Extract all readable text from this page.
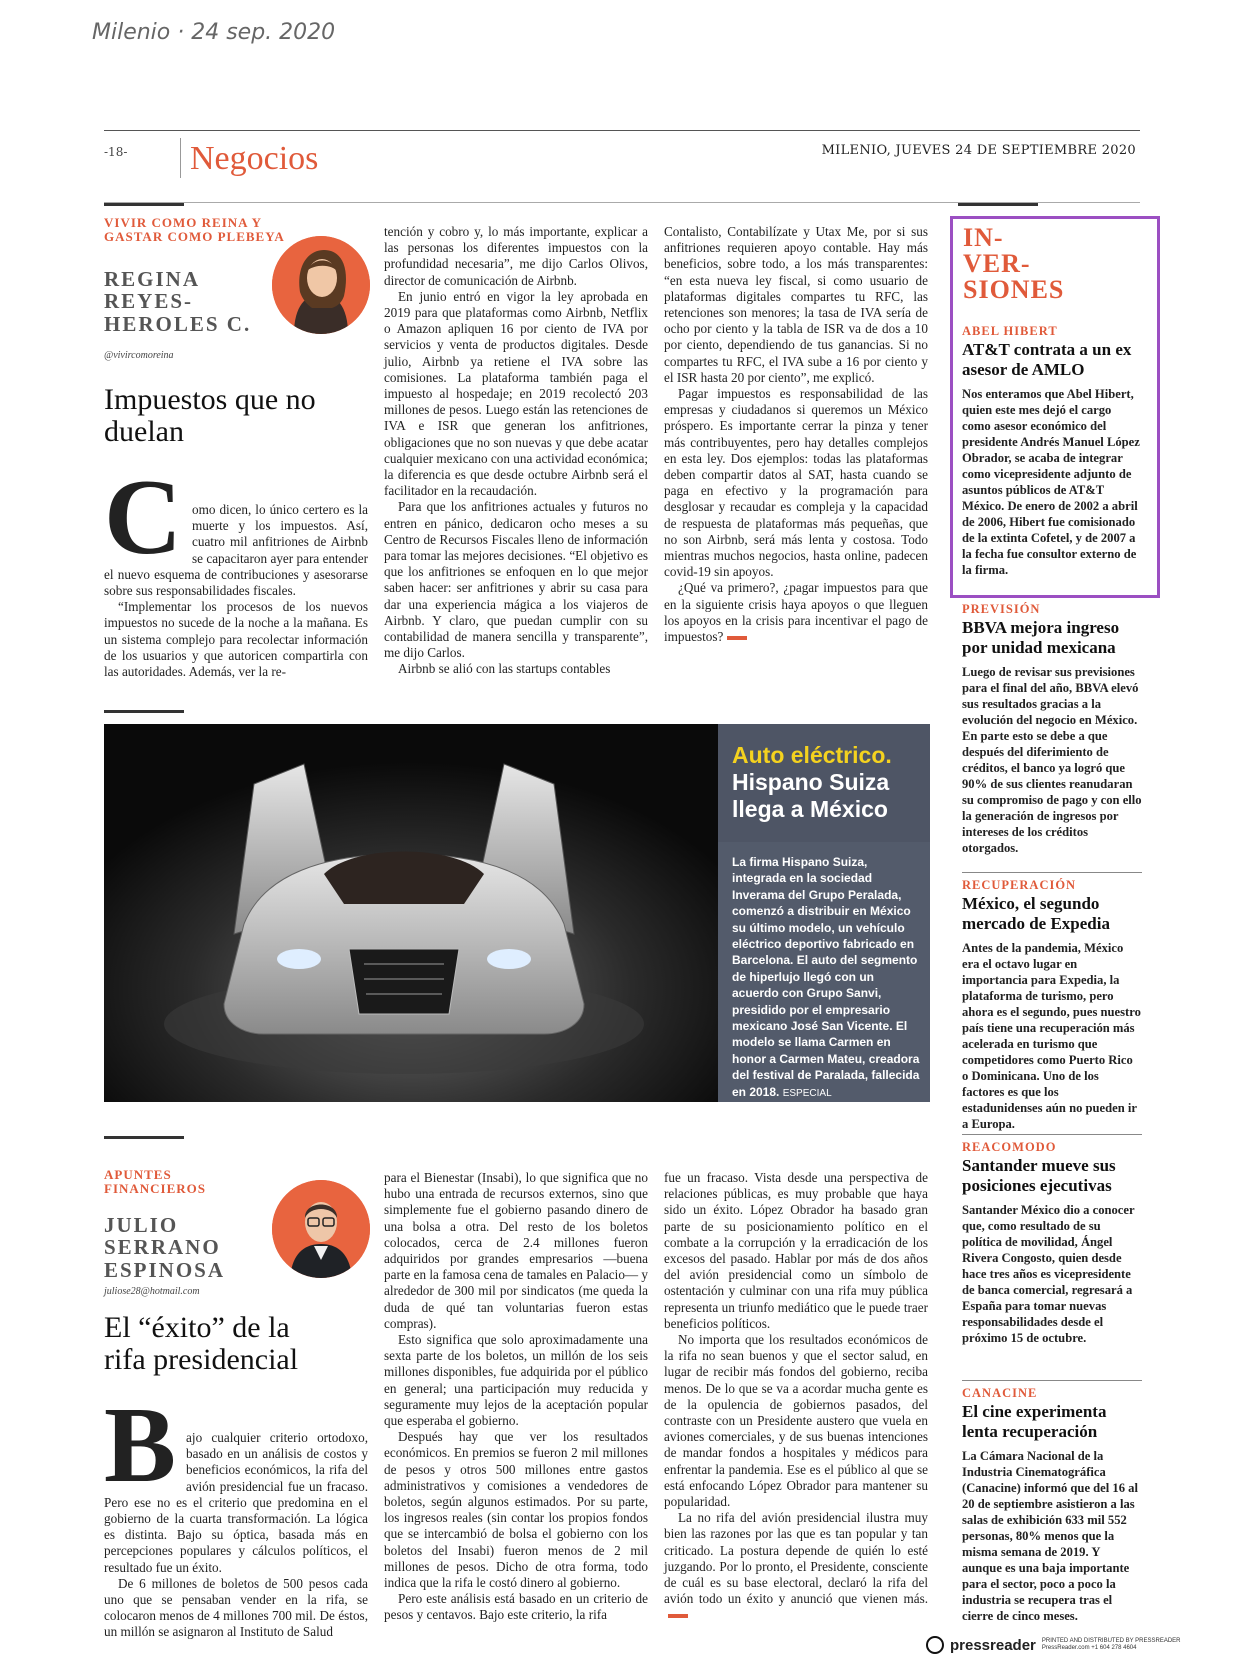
Milenio · 24 sep. 2020
-18- Negocios	MILENIO, JUEVES 24 DE SEPTIEMBRE 2020
VIVIR COMO REINA Y
GASTAR COMO PLEBEYA
REGINA
REYES-
HEROLES C.
@vivircomoreina
Impuestos que no
duelan
C omo dicen, lo único certero es la muerte y los impuestos. Así, cuatro mil anfitriones de Airbnb se capacitaron ayer para entender el nuevo esquema de contribuciones y asesorarse sobre sus responsabilidades fiscales.

“Implementar los procesos de los nuevos impuestos no sucede de la noche a la mañana. Es un sistema complejo para recolectar información de los usuarios y que autoricen compartirla con las autoridades. Además, ver la re-

tención y cobro y, lo más importante, explicar a las personas los diferentes impuestos con la profundidad necesaria”, me dijo Carlos Olivos, director de comunicación de Airbnb.

En junio entró en vigor la ley aprobada en 2019 para que plataformas como Airbnb, Netflix o Amazon apliquen 16 por ciento de IVA por servicios y venta de productos digitales. Desde julio, Airbnb ya retiene el IVA sobre las comisiones. La plataforma también paga el impuesto al hospedaje; en 2019 recolectó 203 millones de pesos. Luego están las retenciones de IVA e ISR que generan los anfitriones, obligaciones que no son nuevas y que debe acatar cualquier mexicano con una actividad económica; la diferencia es que desde octubre Airbnb será el facilitador en la recaudación.

Para que los anfitriones actuales y futuros no entren en pánico, dedicaron ocho meses a su Centro de Recursos Fiscales lleno de información para tomar las mejores decisiones. “El objetivo es que los anfitriones se enfoquen en lo que mejor saben hacer: ser anfitriones y abrir su casa para dar una experiencia mágica a los viajeros de Airbnb. Y claro, que puedan cumplir con su contabilidad de manera sencilla y transparente”, me dijo Carlos.

Airbnb se alió con las startups contables

Contalisto, Contabilízate y Utax Me, por si sus anfitriones requieren apoyo contable. Hay más beneficios, sobre todo, a los más transparentes: “en esta nueva ley fiscal, si como usuario de plataformas digitales compartes tu RFC, las retenciones son menores; la tasa de IVA sería de ocho por ciento y la tabla de ISR va de dos a 10 por ciento, dependiendo de tus ganancias. Si no compartes tu RFC, el IVA sube a 16 por ciento y el ISR hasta 20 por ciento”, me explicó.

Pagar impuestos es responsabilidad de las empresas y ciudadanos si queremos un México próspero. Es importante cerrar la pinza y tener más contribuyentes, pero hay detalles complejos en esta ley. Dos ejemplos: todas las plataformas deben compartir datos al SAT, hasta cuando se paga en efectivo y la programación para desglosar y recaudar es compleja y la capacidad de respuesta de plataformas más pequeñas, que no son Airbnb, será más lenta y costosa. Todo mientras muchos negocios, hasta online, padecen covid-19 sin apoyos.

¿Qué va primero?, ¿pagar impuestos para que en la siguiente crisis haya apoyos o que lleguen los apoyos en la crisis para incentivar el pago de impuestos?

Auto eléctrico.
Hispano Suiza
llega a México
La firma Hispano Suiza, integrada en la sociedad Inverama del Grupo Peralada, comenzó a distribuir en México su último modelo, un vehículo eléctrico deportivo fabricado en Barcelona. El auto del segmento de hiperlujo llegó con un acuerdo con Grupo Sanvi, presidido por el empresario mexicano José San Vicente. El modelo se llama Carmen en honor a Carmen Mateu, creadora del festival de Paralada, fallecida en 2018. ESPECIAL
APUNTES
FINANCIEROS
JULIO
SERRANO
ESPINOSA
juliose28@hotmail.com
El “éxito” de la
rifa presidencial
B ajo cualquier criterio ortodoxo, basado en un análisis de costos y beneficios económicos, la rifa del avión presidencial fue un fracaso. Pero ese no es el criterio que predomina en el gobierno de la cuarta transformación. La lógica es distinta. Bajo su óptica, basada más en percepciones populares y cálculos políticos, el resultado fue un éxito.

De 6 millones de boletos de 500 pesos cada uno que se pensaban vender en la rifa, se colocaron menos de 4 millones 700 mil. De éstos, un millón se asignaron al Instituto de Salud

para el Bienestar (Insabi), lo que significa que no hubo una entrada de recursos externos, sino que simplemente fue el gobierno pasando dinero de una bolsa a otra. Del resto de los boletos colocados, cerca de 2.4 millones fueron adquiridos por grandes empresarios —buena parte en la famosa cena de tamales en Palacio— y alrededor de 300 mil por sindicatos (me queda la duda de qué tan voluntarias fueron estas compras).

Esto significa que solo aproximadamente una sexta parte de los boletos, un millón de los seis millones disponibles, fue adquirida por el público en general; una participación muy reducida y seguramente muy lejos de la aceptación popular que esperaba el gobierno.

Después hay que ver los resultados económicos. En premios se fueron 2 mil millones de pesos y otros 500 millones entre gastos administrativos y comisiones a vendedores de boletos, según algunos estimados. Por su parte, los ingresos reales (sin contar los propios fondos que se intercambió de bolsa el gobierno con los boletos del Insabi) fueron menos de 2 mil millones de pesos. Dicho de otra forma, todo indica que la rifa le costó dinero al gobierno.

Pero este análisis está basado en un criterio de pesos y centavos. Bajo este criterio, la rifa

fue un fracaso. Vista desde una perspectiva de relaciones públicas, es muy probable que haya sido un éxito. López Obrador ha basado gran parte de su posicionamiento político en el combate a la corrupción y la erradicación de los excesos del pasado. Hablar por más de dos años del avión presidencial como un símbolo de ostentación y culminar con una rifa muy pública representa un triunfo mediático que le puede traer beneficios políticos.

No importa que los resultados económicos de la rifa no sean buenos y que el sector salud, en lugar de recibir más fondos del gobierno, reciba menos. De lo que se va a acordar mucha gente es de la opulencia de gobiernos pasados, del contraste con un Presidente austero que vuela en aviones comerciales, y de sus buenas intenciones de mandar fondos a hospitales y médicos para enfrentar la pandemia. Ese es el público al que se está enfocando López Obrador para mantener su popularidad.

La no rifa del avión presidencial ilustra muy bien las razones por las que es tan popular y tan criticado. La postura depende de quién lo esté juzgando. Por lo pronto, el Presidente, consciente de cuál es su base electoral, declaró la rifa del avión todo un éxito y anunció que vienen más.

IN-
VER-
SIONES
ABEL HIBERT
AT&T contrata a un ex asesor de AMLO
Nos enteramos que Abel Hibert, quien este mes dejó el cargo como asesor económico del presidente Andrés Manuel López Obrador, se acaba de integrar como vicepresidente adjunto de asuntos públicos de AT&T México. De enero de 2002 a abril de 2006, Hibert fue comisionado de la extinta Cofetel, y de 2007 a la fecha fue consultor externo de la firma.
PREVISIÓN
BBVA mejora ingreso por unidad mexicana
Luego de revisar sus previsiones para el final del año, BBVA elevó sus resultados gracias a la evolución del negocio en México. En parte esto se debe a que después del diferimiento de créditos, el banco ya logró que 90% de sus clientes reanudaran su compromiso de pago y con ello la generación de ingresos por intereses de los créditos otorgados.
RECUPERACIÓN
México, el segundo mercado de Expedia
Antes de la pandemia, México era el octavo lugar en importancia para Expedia, la plataforma de turismo, pero ahora es el segundo, pues nuestro país tiene una recuperación más acelerada en turismo que competidores como Puerto Rico o Dominicana. Uno de los factores es que los estadunidenses aún no pueden ir a Europa.
REACOMODO
Santander mueve sus posiciones ejecutivas
Santander México dio a conocer que, como resultado de su política de movilidad, Ángel Rivera Congosto, quien desde hace tres años es vicepresidente de banca comercial, regresará a España para tomar nuevas responsabilidades desde el próximo 15 de octubre.
CANACINE
El cine experimenta lenta recuperación
La Cámara Nacional de la Industria Cinematográfica (Canacine) informó que del 16 al 20 de septiembre asistieron a las salas de exhibición 633 mil 552 personas, 80% menos que la misma semana de 2019. Y aunque es una baja importante para el sector, poco a poco la industria se recupera tras el cierre de cinco meses.
pressreader PRINTED AND DISTRIBUTED BY PRESSREADER
PressReader.com +1 604 278 4604
